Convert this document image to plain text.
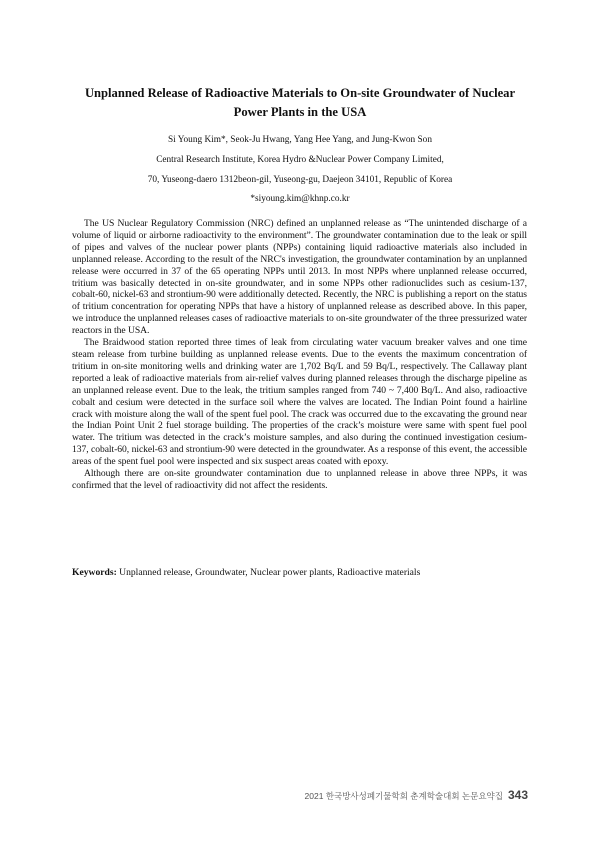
Unplanned Release of Radioactive Materials to On-site Groundwater of Nuclear Power Plants in the USA

Si Young Kim*, Seok-Ju Hwang, Yang Hee Yang, and Jung-Kwon Son

Central Research Institute, Korea Hydro &Nuclear Power Company Limited,

70, Yuseong-daero 1312beon-gil, Yuseong-gu, Daejeon 34101, Republic of Korea

*siyoung.kim@khnp.co.kr

The US Nuclear Regulatory Commission (NRC) defined an unplanned release as “The unintended discharge of a volume of liquid or airborne radioactivity to the environment”. The groundwater contamination due to the leak or spill of pipes and valves of the nuclear power plants (NPPs) containing liquid radioactive materials also included in unplanned release. According to the result of the NRC's investigation, the groundwater contamination by an unplanned release were occurred in 37 of the 65 operating NPPs until 2013. In most NPPs where unplanned release occurred, tritium was basically detected in on-site groundwater, and in some NPPs other radionuclides such as cesium-137, cobalt-60, nickel-63 and strontium-90 were additionally detected. Recently, the NRC is publishing a report on the status of tritium concentration for operating NPPs that have a history of unplanned release as described above. In this paper, we introduce the unplanned releases cases of radioactive materials to on-site groundwater of the three pressurized water reactors in the USA.

The Braidwood station reported three times of leak from circulating water vacuum breaker valves and one time steam release from turbine building as unplanned release events. Due to the events the maximum concentration of tritium in on-site monitoring wells and drinking water are 1,702 Bq/L and 59 Bq/L, respectively. The Callaway plant reported a leak of radioactive materials from air-relief valves during planned releases through the discharge pipeline as an unplanned release event. Due to the leak, the tritium samples ranged from 740 ~ 7,400 Bq/L. And also, radioactive cobalt and cesium were detected in the surface soil where the valves are located. The Indian Point found a hairline crack with moisture along the wall of the spent fuel pool. The crack was occurred due to the excavating the ground near the Indian Point Unit 2 fuel storage building. The properties of the crack’s moisture were same with spent fuel pool water. The tritium was detected in the crack’s moisture samples, and also during the continued investigation cesium-137, cobalt-60, nickel-63 and strontium-90 were detected in the groundwater. As a response of this event, the accessible areas of the spent fuel pool were inspected and six suspect areas coated with epoxy.

Although there are on-site groundwater contamination due to unplanned release in above three NPPs, it was confirmed that the level of radioactivity did not affect the residents.

Keywords: Unplanned release, Groundwater, Nuclear power plants, Radioactive materials

2021 한국방사성폐기물학회 춘계학술대회 논문요약집 343
